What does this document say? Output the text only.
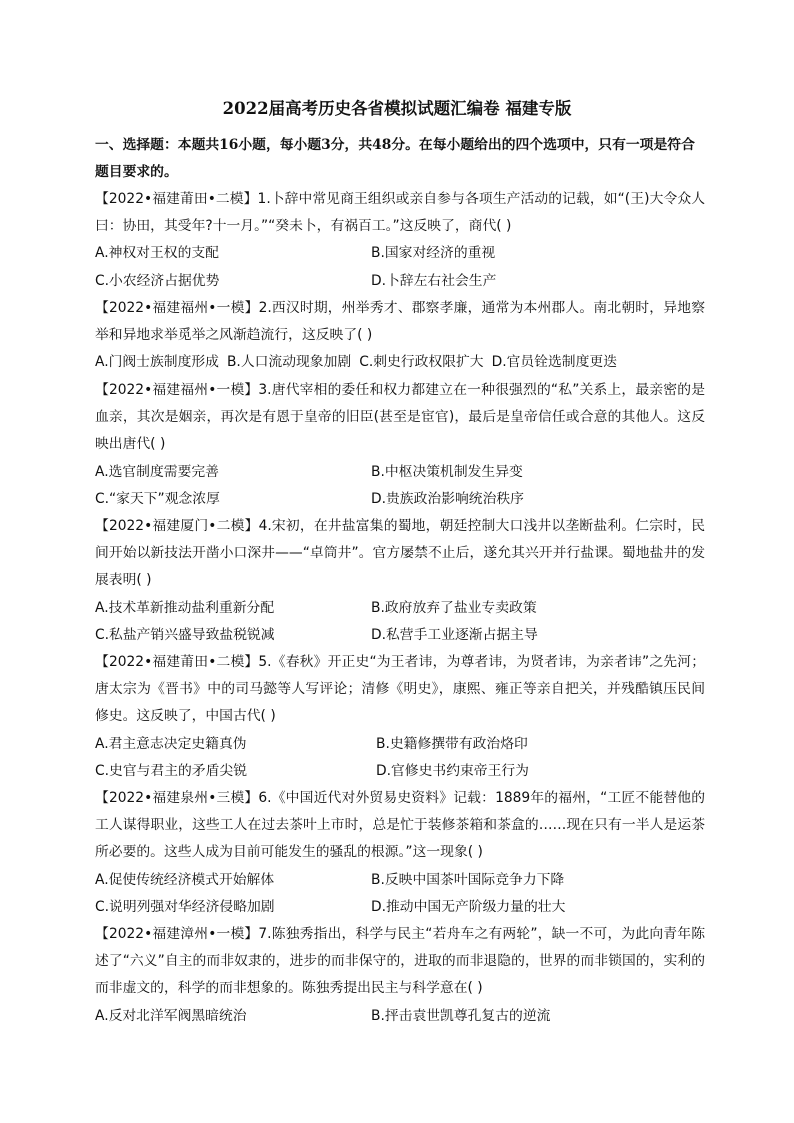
2022届高考历史各省模拟试题汇编卷 福建专版
一、选择题：本题共16小题，每小题3分，共48分。在每小题给出的四个选项中，只有一项是符合题目要求的。
【2022•福建莆田•二模】1.卜辞中常见商王组织或亲自参与各项生产活动的记载，如“(王)大令众人曰：协田，其受年?十一月。”“癸未卜，有祸百工。”这反映了，商代( )
A.神权对王权的支配	B.国家对经济的重视
C.小农经济占据优势	D.卜辞左右社会生产
【2022•福建福州•一模】2.西汉时期，州举秀才、郡察孝廉，通常为本州郡人。南北朝时，异地察举和异地求举觅举之风渐趋流行，这反映了( )
A.门阀士族制度形成 B.人口流动现象加剧 C.刺史行政权限扩大 D.官员铨选制度更迭
【2022•福建福州•一模】3.唐代宰相的委任和权力都建立在一种很强烈的“私”关系上，最亲密的是血亲，其次是姻亲，再次是有恩于皇帝的旧臣(甚至是宦官)，最后是皇帝信任或合意的其他人。这反映出唐代( )
A.选官制度需要完善	B.中枢决策机制发生异变
C.“家天下”观念浓厚	D.贵族政治影响统治秩序
【2022•福建厦门•二模】4.宋初，在井盐富集的蜀地，朝廷控制大口浅井以垄断盐利。仁宗时，民间开始以新技法开凿小口深井——“卓筒井”。官方屡禁不止后，遂允其兴开并行盐课。蜀地盐井的发展表明( )
A.技术革新推动盐利重新分配	B.政府放弃了盐业专卖政策
C.私盐产销兴盛导致盐税锐减	D.私营手工业逐渐占据主导
【2022•福建莆田•二模】5.《春秋》开正史“为王者讳，为尊者讳，为贤者讳，为亲者讳”之先河；唐太宗为《晋书》中的司马懿等人写评论；清修《明史》，康熙、雍正等亲自把关，并残酷镇压民间修史。这反映了，中国古代( )
A.君主意志决定史籍真伪	B.史籍修撰带有政治烙印
C.史官与君主的矛盾尖锐	D.官修史书约束帝王行为
【2022•福建泉州•三模】6.《中国近代对外贸易史资料》记载：1889年的福州，“工匠不能替他的工人谋得职业，这些工人在过去茶叶上市时，总是忙于装修茶箱和茶盒的……现在只有一半人是运茶所必要的。这些人成为目前可能发生的骚乱的根源。”这一现象( )
A.促使传统经济模式开始解体	B.反映中国茶叶国际竞争力下降
C.说明列强对华经济侵略加剧	D.推动中国无产阶级力量的壮大
【2022•福建漳州•一模】7.陈独秀指出，科学与民主“若舟车之有两轮”，缺一不可，为此向青年陈述了“六义”自主的而非奴隶的，进步的而非保守的，进取的而非退隐的，世界的而非锁国的，实利的而非虚文的，科学的而非想象的。陈独秀提出民主与科学意在( )
A.反对北洋军阀黑暗统治	B.抨击袁世凯尊孔复古的逆流
